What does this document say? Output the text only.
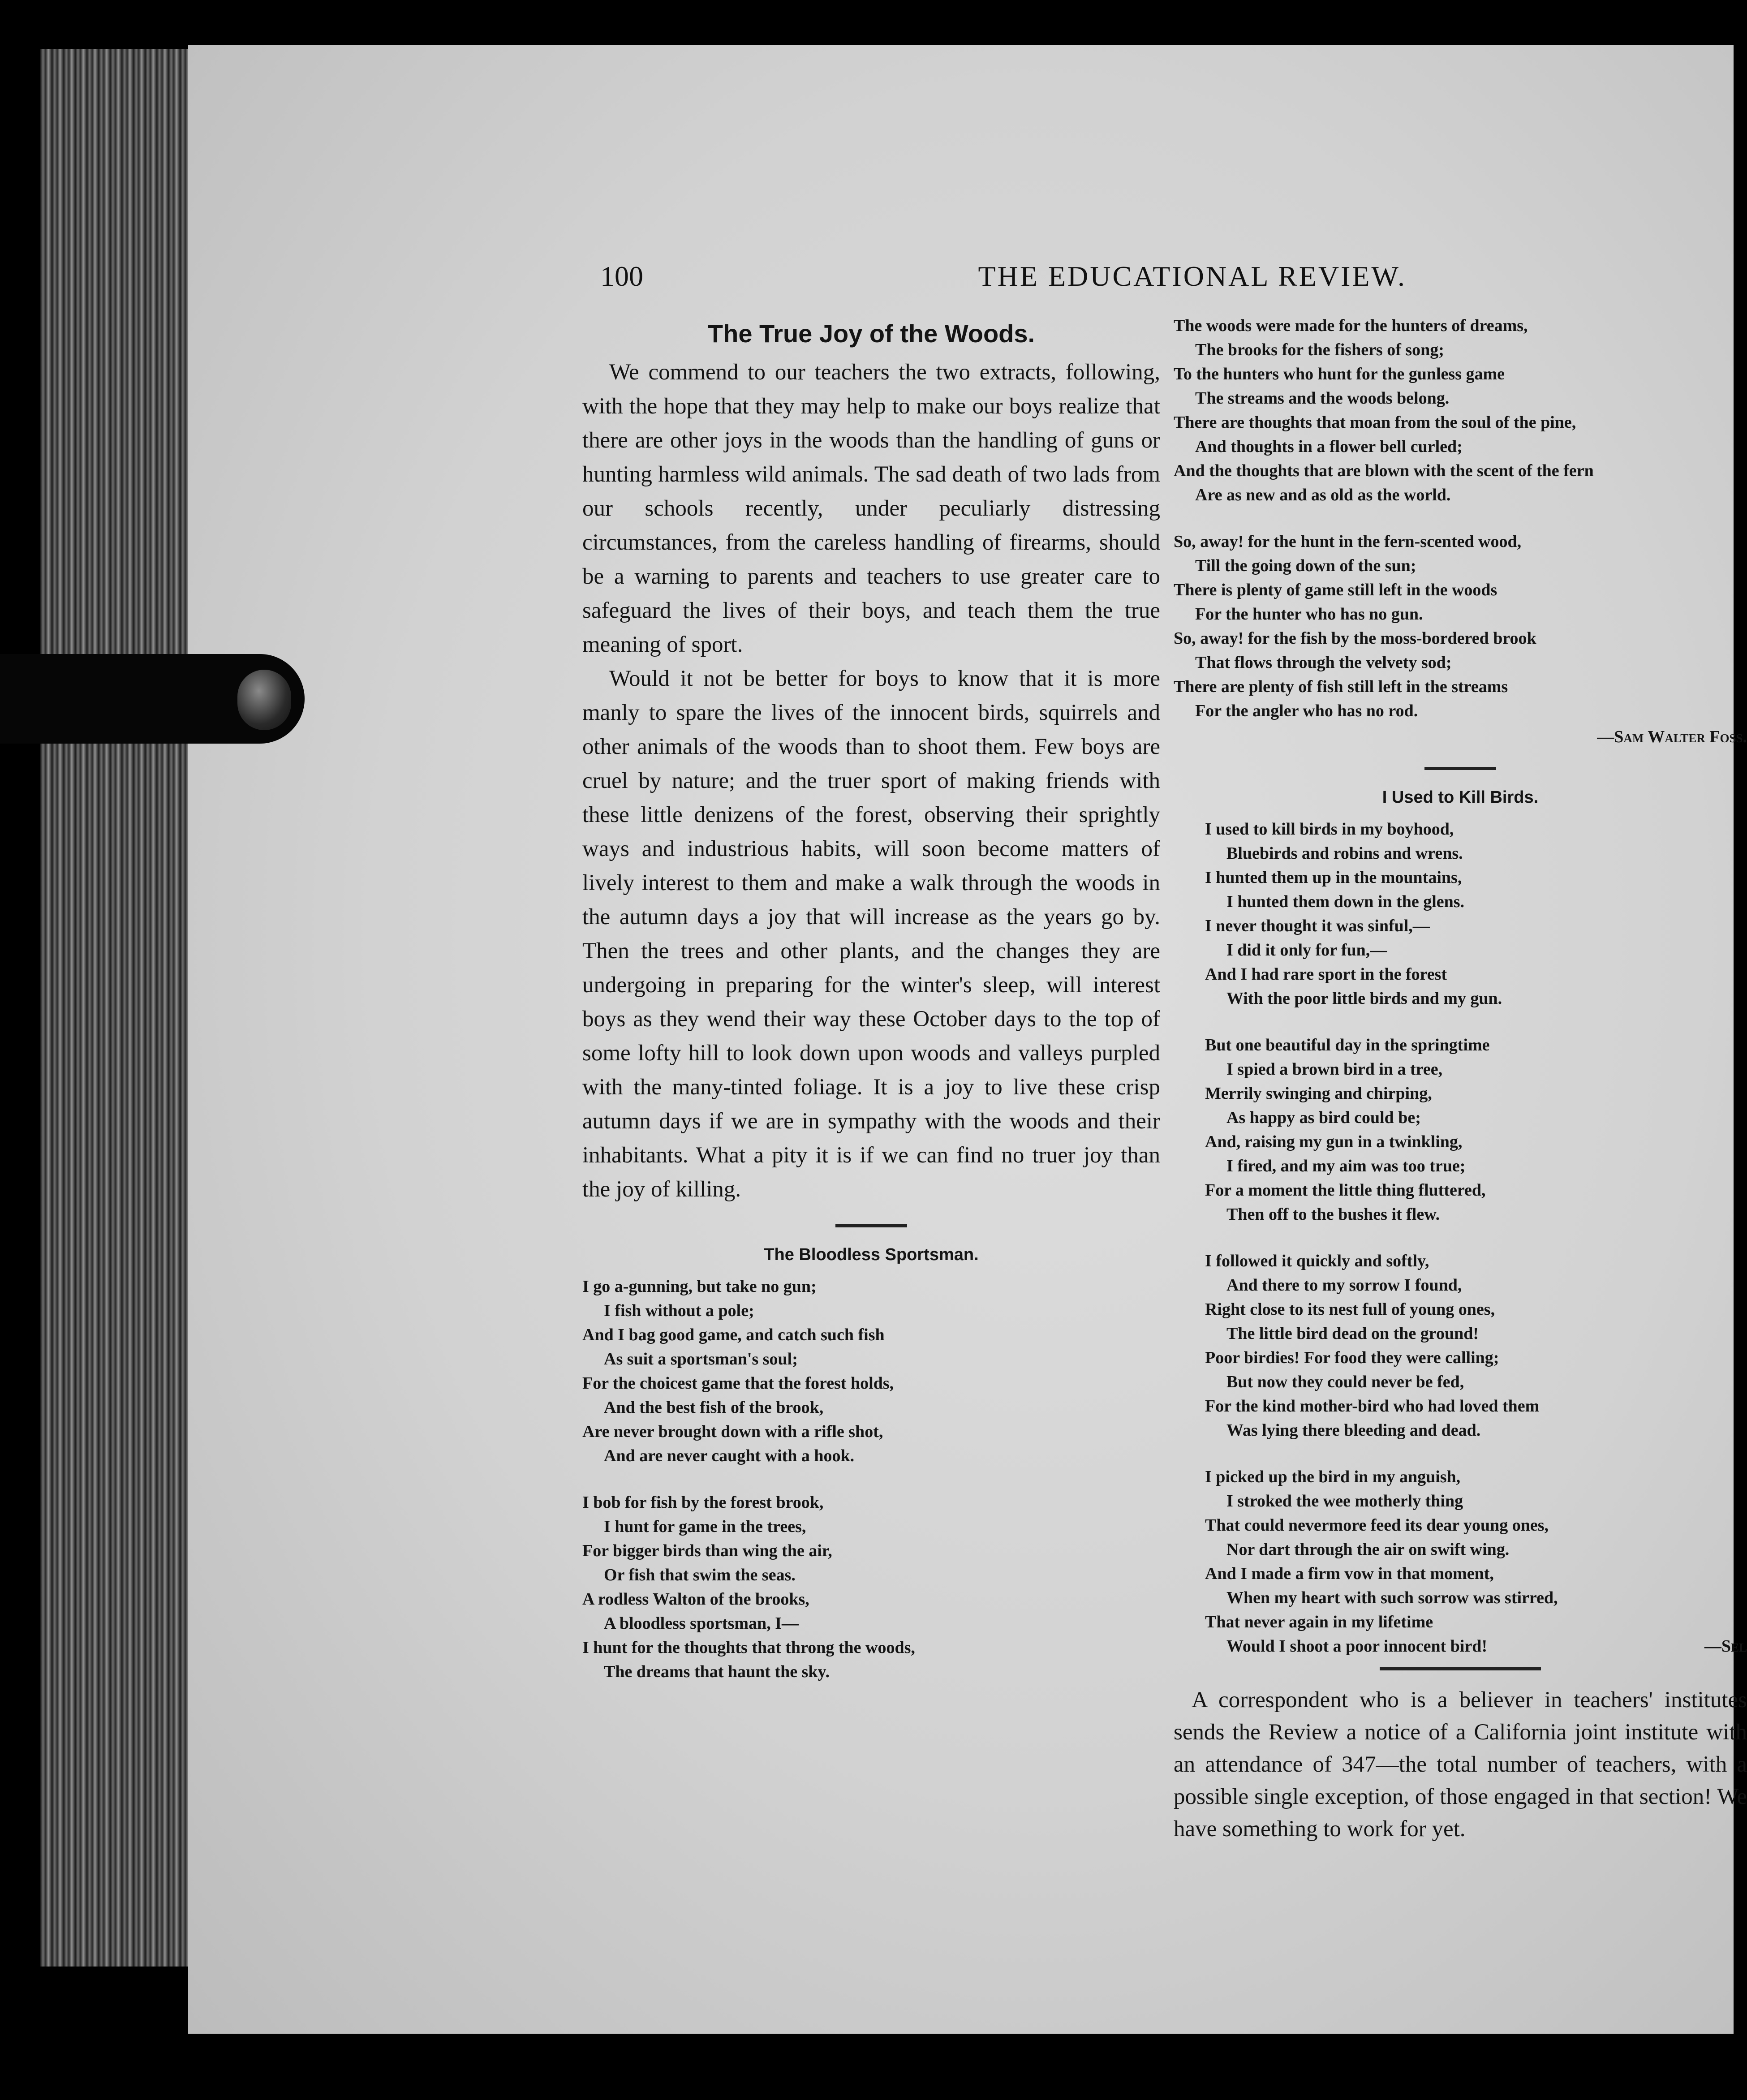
100	THE EDUCATIONAL REVIEW.
The True Joy of the Woods.

We commend to our teachers the two extracts, following, with the hope that they may help to make our boys realize that there are other joys in the woods than the handling of guns or hunting harmless wild animals. The sad death of two lads from our schools recently, under peculiarly distressing circumstances, from the careless handling of firearms, should be a warning to parents and teachers to use greater care to safeguard the lives of their boys, and teach them the true meaning of sport.

Would it not be better for boys to know that it is more manly to spare the lives of the innocent birds, squirrels and other animals of the woods than to shoot them. Few boys are cruel by nature; and the truer sport of making friends with these little denizens of the forest, observing their sprightly ways and industrious habits, will soon become matters of lively interest to them and make a walk through the woods in the autumn days a joy that will increase as the years go by. Then the trees and other plants, and the changes they are undergoing in preparing for the winter's sleep, will interest boys as they wend their way these October days to the top of some lofty hill to look down upon woods and valleys purpled with the many-tinted foliage. It is a joy to live these crisp autumn days if we are in sympathy with the woods and their inhabitants. What a pity it is if we can find no truer joy than the joy of killing.

The Bloodless Sportsman.
I go a-gunning, but take no gun;
I fish without a pole;
And I bag good game, and catch such fish
As suit a sportsman's soul;
For the choicest game that the forest holds,
And the best fish of the brook,
Are never brought down with a rifle shot,
And are never caught with a hook.
I bob for fish by the forest brook,
I hunt for game in the trees,
For bigger birds than wing the air,
Or fish that swim the seas.
A rodless Walton of the brooks,
A bloodless sportsman, I—
I hunt for the thoughts that throng the woods,
The dreams that haunt the sky.
The woods were made for the hunters of dreams,
The brooks for the fishers of song;
To the hunters who hunt for the gunless game
The streams and the woods belong.
There are thoughts that moan from the soul of the pine,
And thoughts in a flower bell curled;
And the thoughts that are blown with the scent of the fern
Are as new and as old as the world.
So, away! for the hunt in the fern-scented wood,
Till the going down of the sun;
There is plenty of game still left in the woods
For the hunter who has no gun.
So, away! for the fish by the moss-bordered brook
That flows through the velvety sod;
There are plenty of fish still left in the streams
For the angler who has no rod.
—Sam Walter Foss.
I Used to Kill Birds.
I used to kill birds in my boyhood,
Bluebirds and robins and wrens.
I hunted them up in the mountains,
I hunted them down in the glens.
I never thought it was sinful,—
I did it only for fun,—
And I had rare sport in the forest
With the poor little birds and my gun.
But one beautiful day in the springtime
I spied a brown bird in a tree,
Merrily swinging and chirping,
As happy as bird could be;
And, raising my gun in a twinkling,
I fired, and my aim was too true;
For a moment the little thing fluttered,
Then off to the bushes it flew.
I followed it quickly and softly,
And there to my sorrow I found,
Right close to its nest full of young ones,
The little bird dead on the ground!
Poor birdies! For food they were calling;
But now they could never be fed,
For the kind mother-bird who had loved them
Was lying there bleeding and dead.
I picked up the bird in my anguish,
I stroked the wee motherly thing
That could nevermore feed its dear young ones,
Nor dart through the air on swift wing.
And I made a firm vow in that moment,
When my heart with such sorrow was stirred,
That never again in my lifetime
Would I shoot a poor innocent bird!	—Sel

A correspondent who is a believer in teachers' institutes sends the Review a notice of a California joint institute with an attendance of 347—the total number of teachers, with a possible single exception, of those engaged in that section! We have something to work for yet.
